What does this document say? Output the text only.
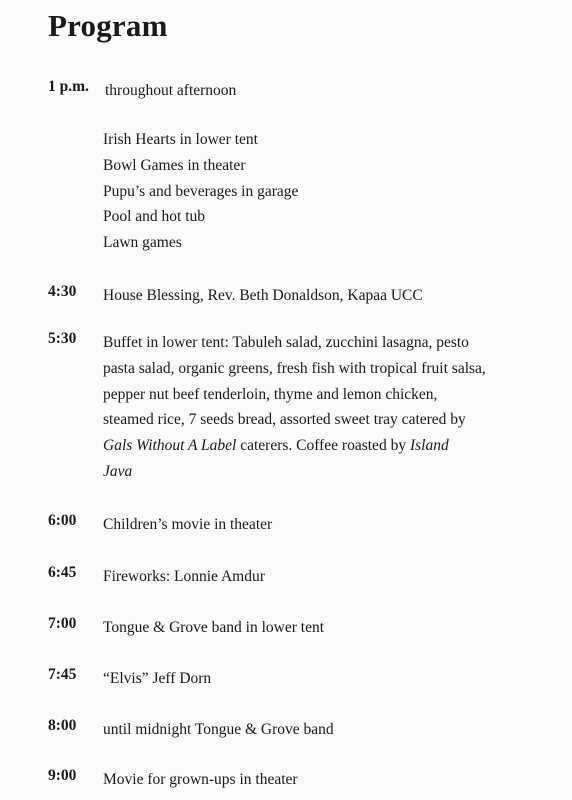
Program
1 p.m. throughout afternoon
Irish Hearts in lower tent
Bowl Games in theater
Pupu’s and beverages in garage
Pool and hot tub
Lawn games
4:30 House Blessing, Rev. Beth Donaldson, Kapaa UCC
5:30 Buffet in lower tent: Tabuleh salad, zucchini lasagna, pesto
pasta salad, organic greens, fresh fish with tropical fruit salsa,
pepper nut beef tenderloin, thyme and lemon chicken,
steamed rice, 7 seeds bread, assorted sweet tray catered by
Gals Without A Label caterers. Coffee roasted by Island
Java
6:00 Children’s movie in theater
6:45 Fireworks: Lonnie Amdur
7:00 Tongue & Grove band in lower tent
7:45 “Elvis” Jeff Dorn
8:00 until midnight Tongue & Grove band
9:00 Movie for grown-ups in theater
